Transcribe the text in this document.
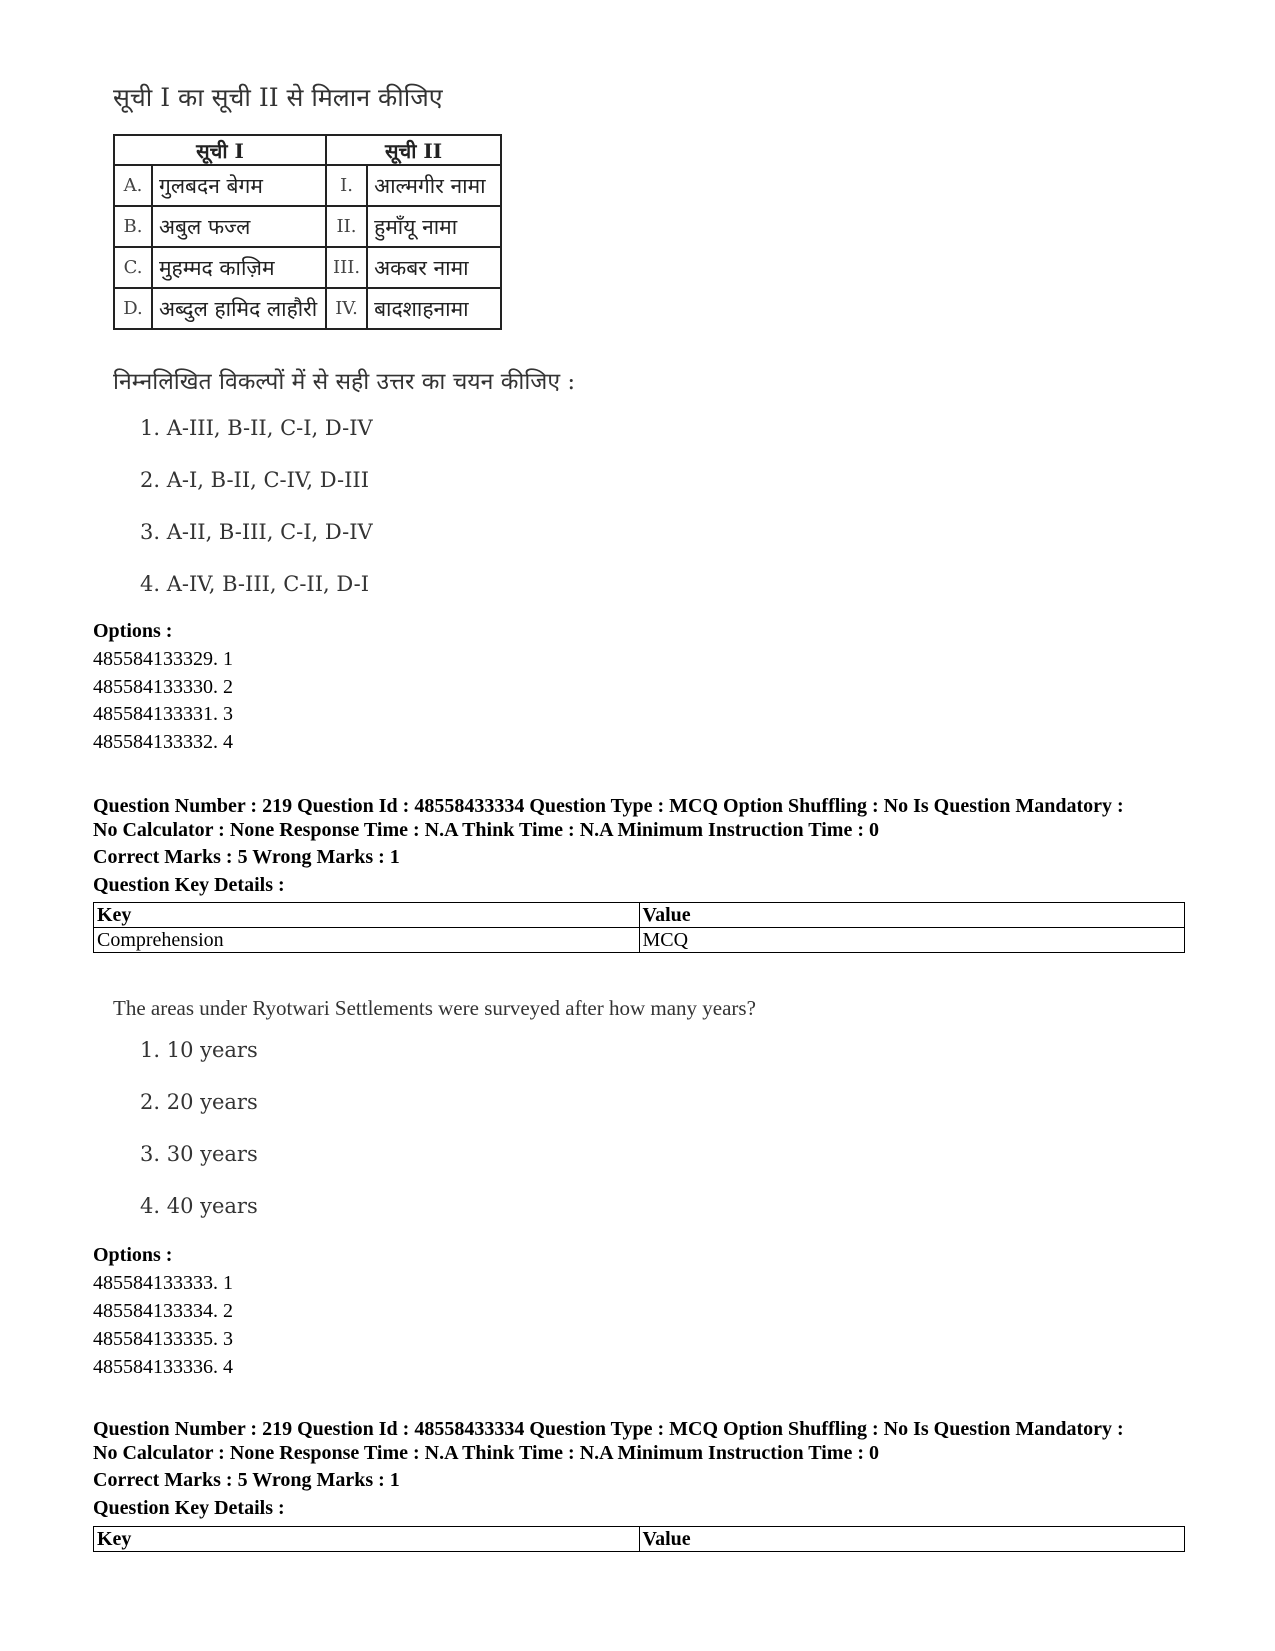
सूची I का सूची II से मिलान कीजिए
सूची I		सूची II	
A.	गुलबदन बेगम	I.	आल्मगीर नामा
B.	अबुल फज्ल	II.	हुमाँयू नामा
C.	मुहम्मद काज़िम	III.	अकबर नामा
D.	अब्दुल हामिद लाहौरी	IV.	बादशाहनामा
निम्नलिखित विकल्पों में से सही उत्तर का चयन कीजिए :
1. A-III, B-II, C-I, D-IV
2. A-I, B-II, C-IV, D-III
3. A-II, B-III, C-I, D-IV
4. A-IV, B-III, C-II, D-I
Options :
485584133329. 1
485584133330. 2
485584133331. 3
485584133332. 4
Question Number : 219 Question Id : 48558433334 Question Type : MCQ Option Shuffling : No Is Question Mandatory :
No Calculator : None Response Time : N.A Think Time : N.A Minimum Instruction Time : 0
Correct Marks : 5 Wrong Marks : 1
Question Key Details :
Key	Value
Comprehension	MCQ
The areas under Ryotwari Settlements were surveyed after how many years?
1. 10 years
2. 20 years
3. 30 years
4. 40 years
Options :
485584133333. 1
485584133334. 2
485584133335. 3
485584133336. 4
Question Number : 219 Question Id : 48558433334 Question Type : MCQ Option Shuffling : No Is Question Mandatory :
No Calculator : None Response Time : N.A Think Time : N.A Minimum Instruction Time : 0
Correct Marks : 5 Wrong Marks : 1
Question Key Details :
Key	Value
